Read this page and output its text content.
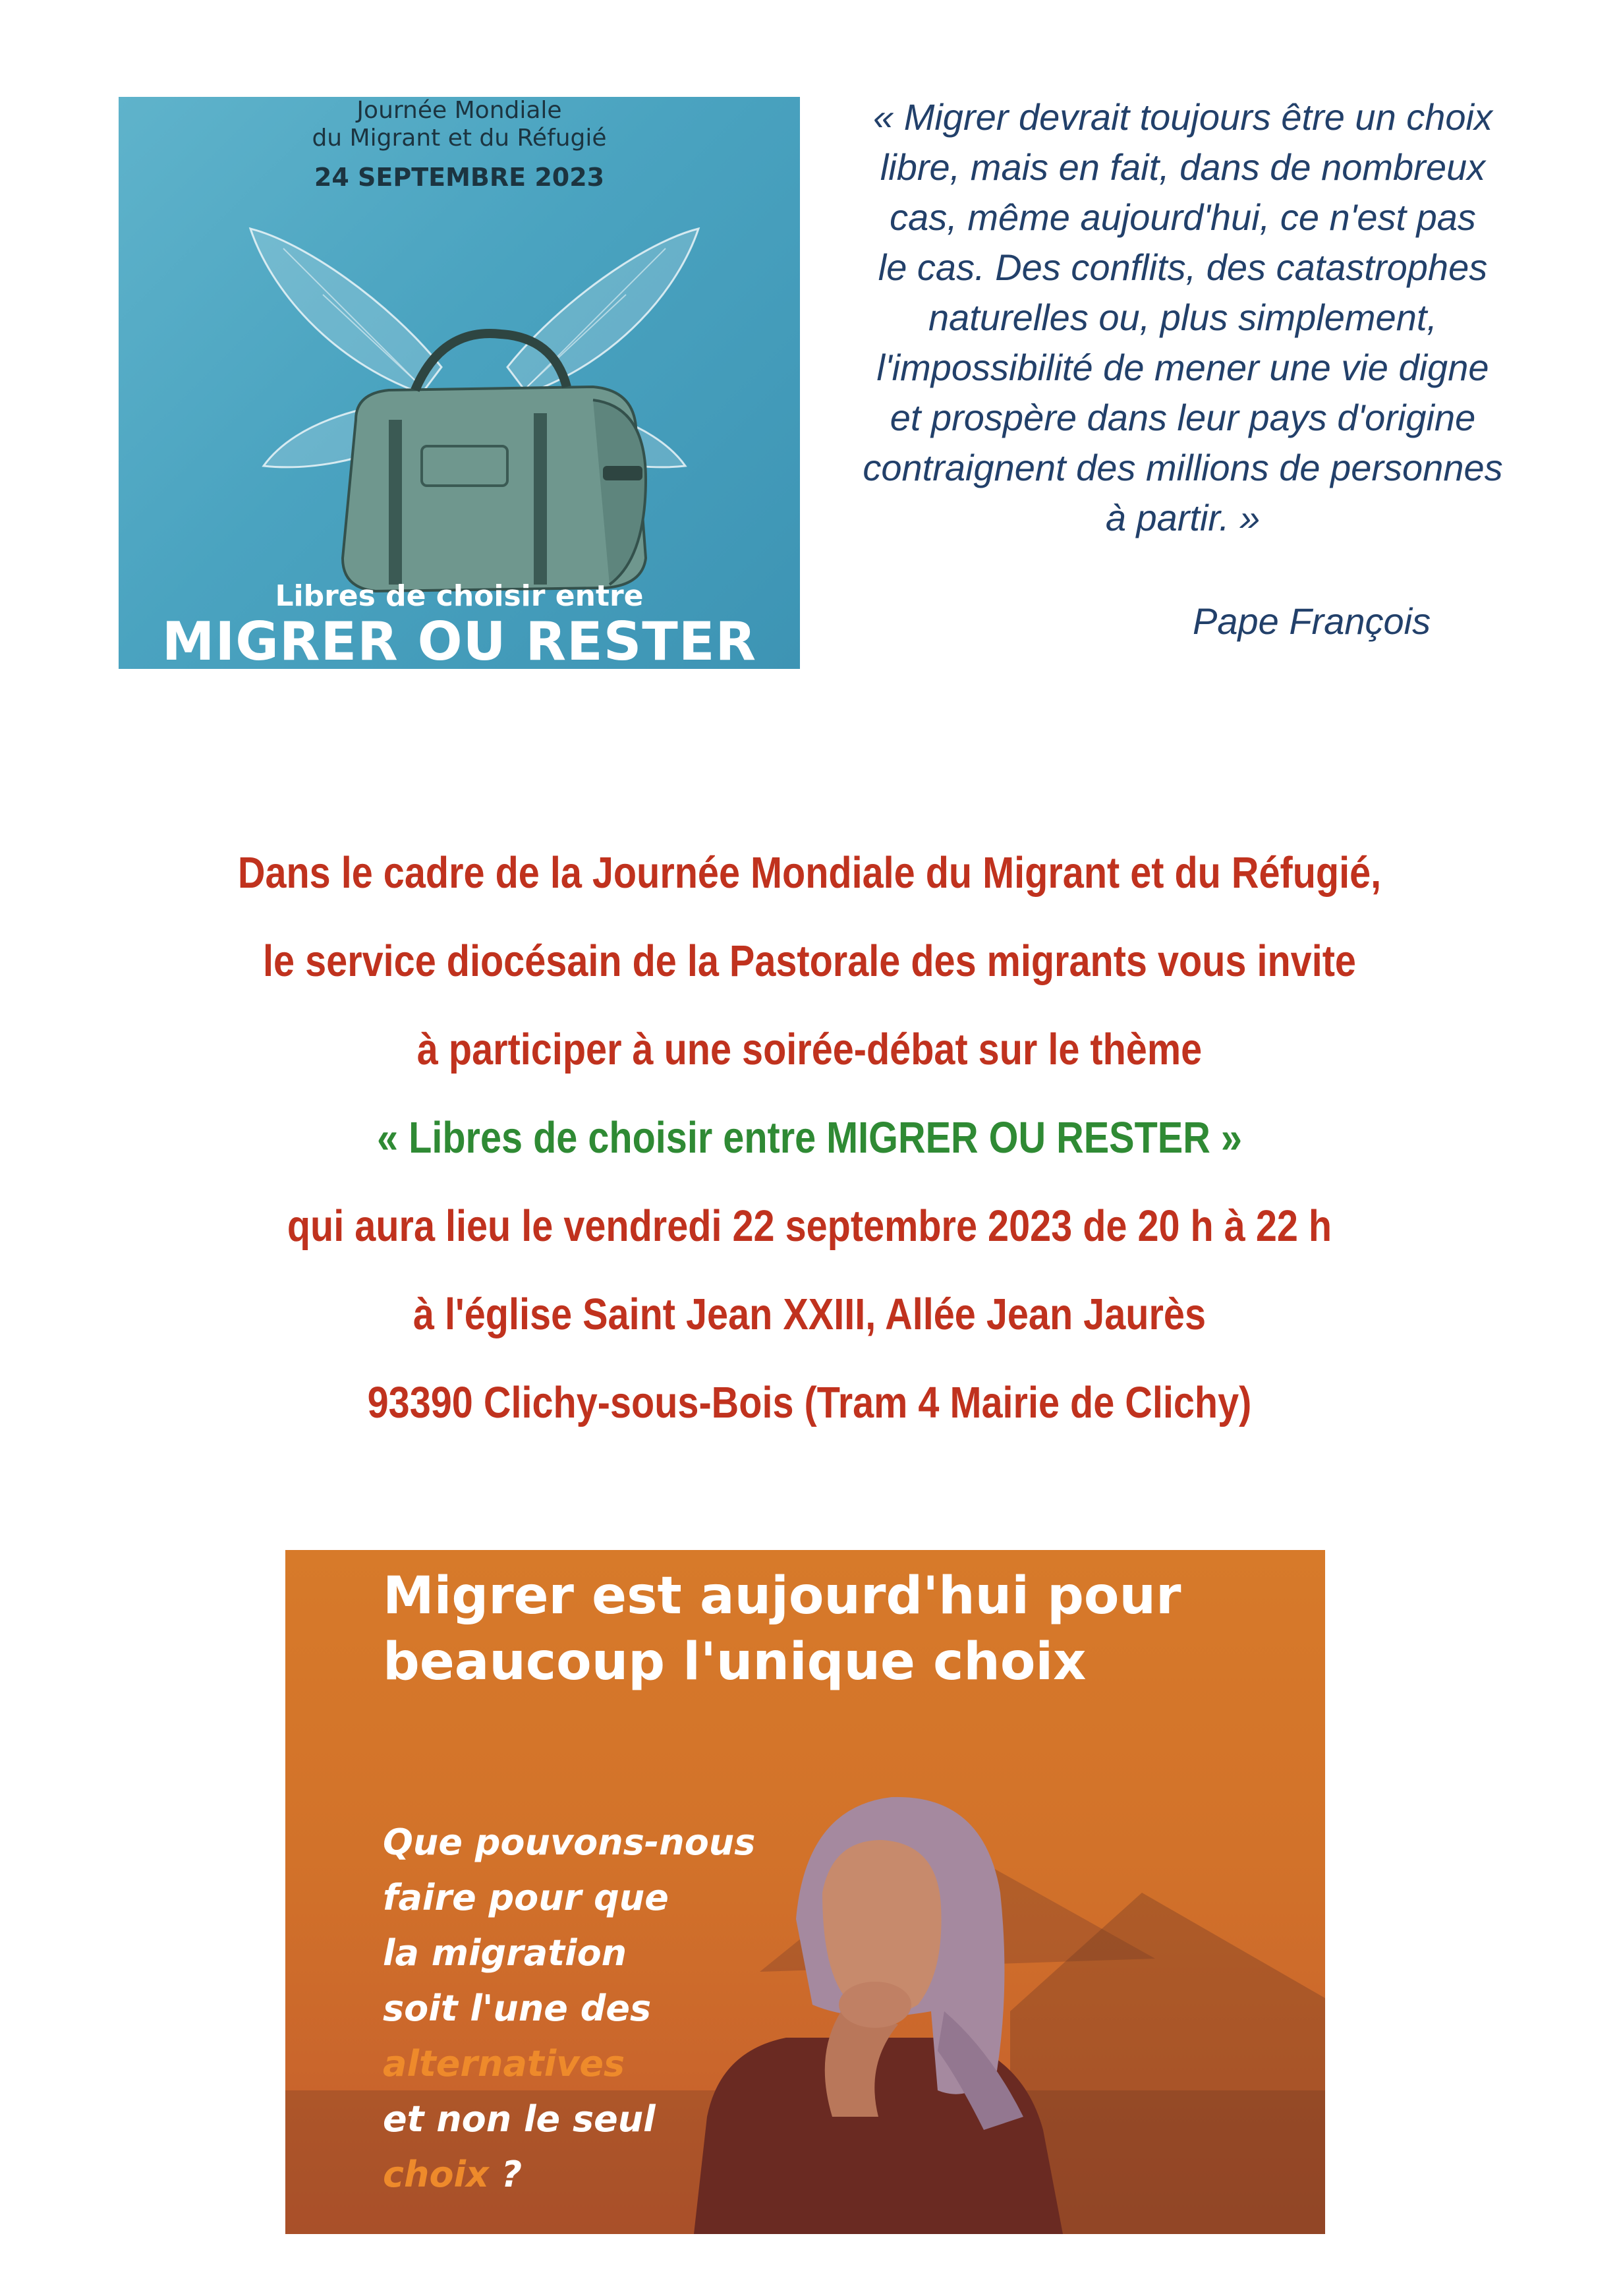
Journée Mondiale
du Migrant et du Réfugié
24 SEPTEMBRE 2023
Libres de choisir entre
MIGRER OU RESTER
« Migrer devrait toujours être un choix
libre, mais en fait, dans de nombreux
cas, même aujourd'hui, ce n'est pas
le cas. Des conflits, des catastrophes
naturelles ou, plus simplement,
l'impossibilité de mener une vie digne
et prospère dans leur pays d'origine
contraignent des millions de personnes
à partir. »
Pape François
Dans le cadre de la Journée Mondiale du Migrant et du Réfugié,
le service diocésain de la Pastorale des migrants vous invite
à participer à une soirée-débat sur le thème
« Libres de choisir entre MIGRER OU RESTER »
qui aura lieu le vendredi 22 septembre 2023 de 20 h à 22 h
à l'église Saint Jean XXIII, Allée Jean Jaurès
93390 Clichy-sous-Bois (Tram 4 Mairie de Clichy)
Migrer est aujourd'hui pour
beaucoup l'unique choix
Que pouvons-nous
faire pour que
la migration
soit l'une des
alternatives
et non le seul
choix ?
